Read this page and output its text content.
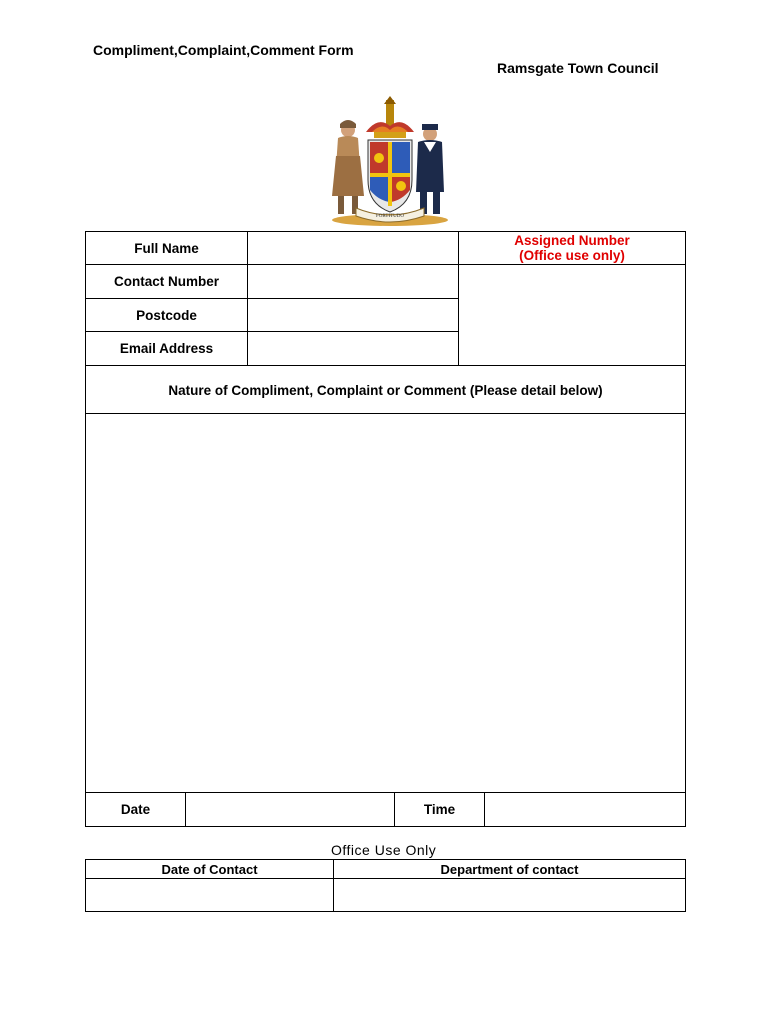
Compliment,Complaint,Comment Form
Ramsgate Town Council
FORTITUDO
Full Name
Contact Number
Postcode
Email Address
Assigned Number
(Office use only)
Nature of Compliment, Complaint or Comment (Please detail below)
Date	Time
Office Use Only
Date of Contact	Department of contact
